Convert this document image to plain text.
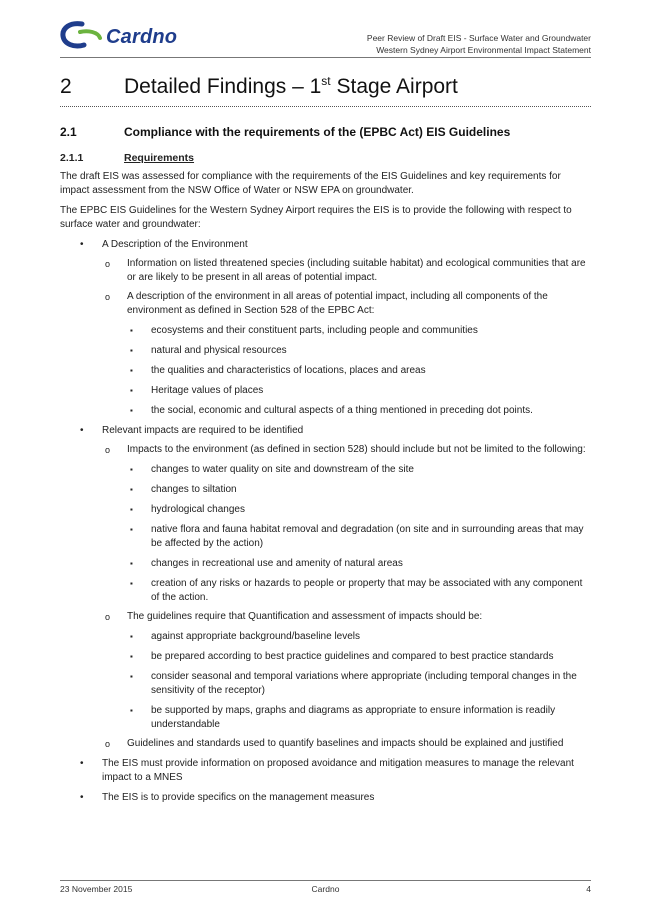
Cardno	Peer Review of Draft EIS - Surface Water and Groundwater
Western Sydney Airport Environmental Impact Statement
2	Detailed Findings – 1st Stage Airport
2.1	Compliance with the requirements of the (EPBC Act) EIS Guidelines
2.1.1	Requirements

The draft EIS was assessed for compliance with the requirements of the EIS Guidelines and key requirements for impact assessment from the NSW Office of Water or NSW EPA on groundwater.

The EPBC EIS Guidelines for the Western Sydney Airport requires the EIS is to provide the following with respect to surface water and groundwater:

• A Description of the Environment
o Information on listed threatened species (including suitable habitat) and ecological communities that are or are likely to be present in all areas of potential impact.
o A description of the environment in all areas of potential impact, including all components of the environment as defined in Section 528 of the EPBC Act:
▪ ecosystems and their constituent parts, including people and communities
▪ natural and physical resources
▪ the qualities and characteristics of locations, places and areas
▪ Heritage values of places
▪ the social, economic and cultural aspects of a thing mentioned in preceding dot points.
• Relevant impacts are required to be identified
o Impacts to the environment (as defined in section 528) should include but not be limited to the following:
▪ changes to water quality on site and downstream of the site
▪ changes to siltation
▪ hydrological changes
▪ native flora and fauna habitat removal and degradation (on site and in surrounding areas that may be affected by the action)
▪ changes in recreational use and amenity of natural areas
▪ creation of any risks or hazards to people or property that may be associated with any component of the action.
o The guidelines require that Quantification and assessment of impacts should be:
▪ against appropriate background/baseline levels
▪ be prepared according to best practice guidelines and compared to best practice standards
▪ consider seasonal and temporal variations where appropriate (including temporal changes in the sensitivity of the receptor)
▪ be supported by maps, graphs and diagrams as appropriate to ensure information is readily understandable
o Guidelines and standards used to quantify baselines and impacts should be explained and justified
• The EIS must provide information on proposed avoidance and mitigation measures to manage the relevant impact to a MNES
• The EIS is to provide specifics on the management measures
23 November 2015	Cardno	4
